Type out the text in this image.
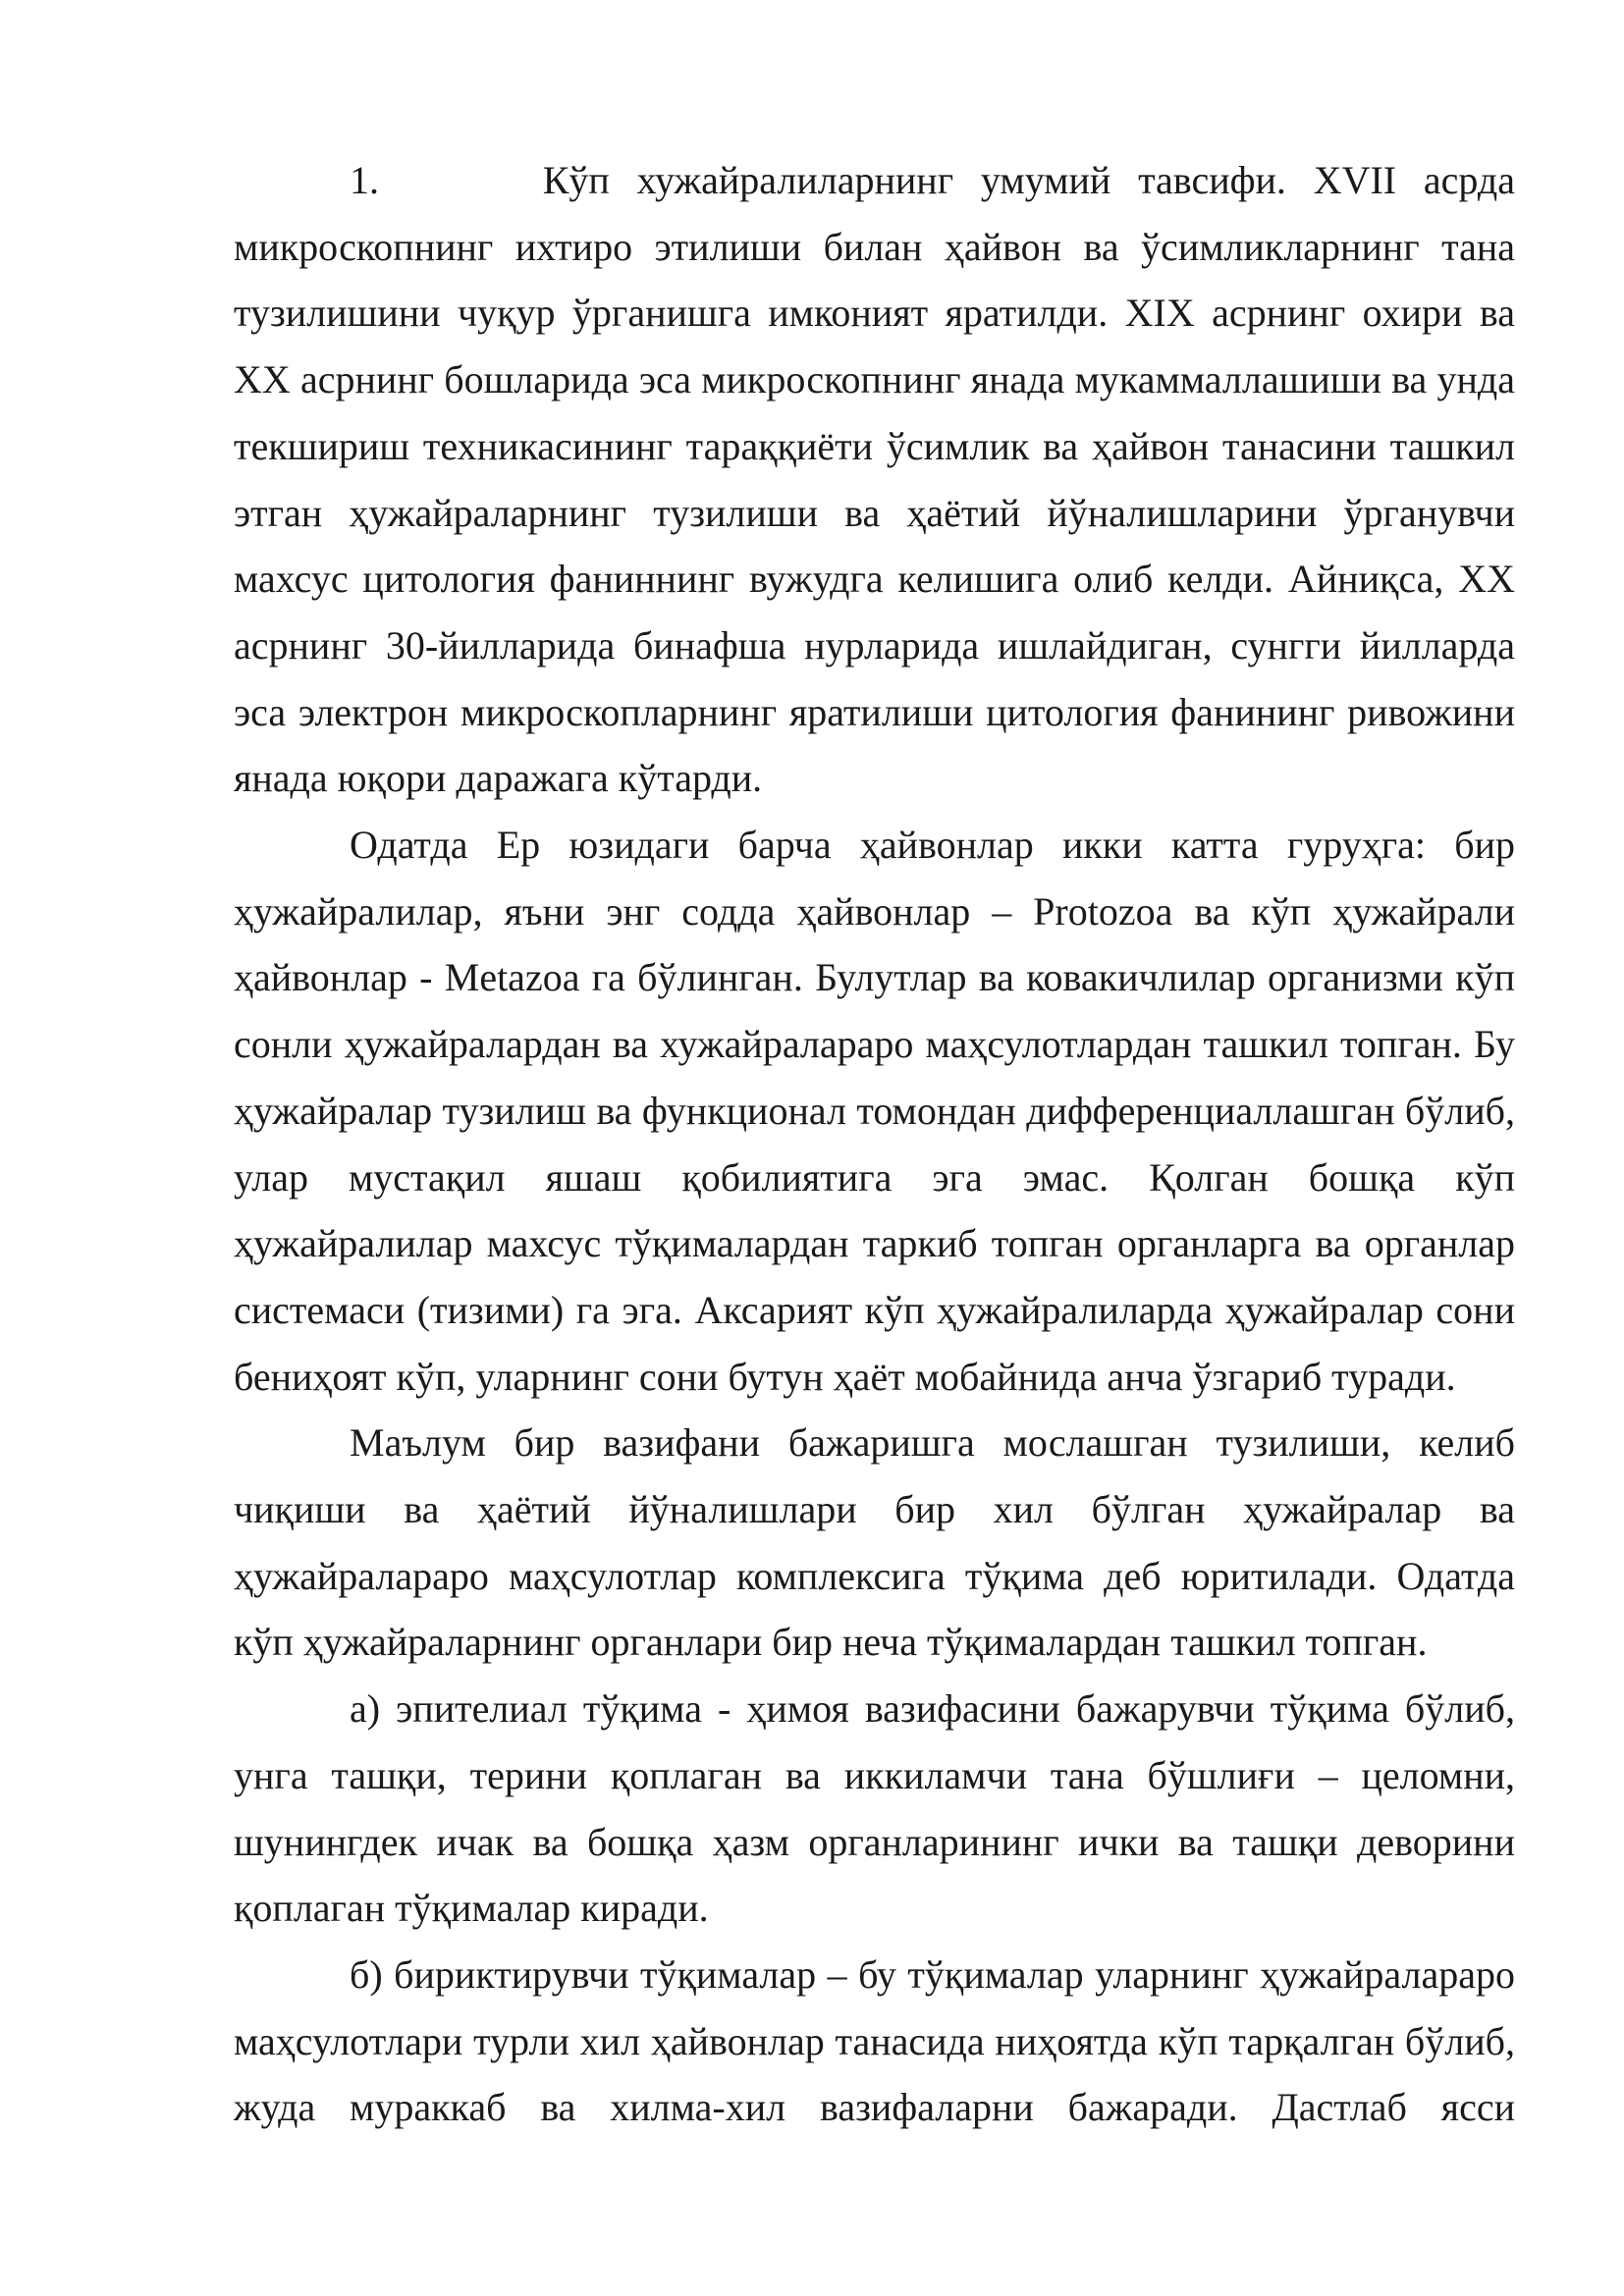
1.      Кўп хужайралиларнинг умумий тавсифи. XVII асрда микроскопнинг ихтиро этилиши билан ҳайвон ва ўсимликларнинг тана тузилишини чуқур ўрганишга имконият яратилди. XIX асрнинг охири ва XX асрнинг бошларида эса микроскопнинг янада мукаммаллашиши ва унда текшириш техникасининг тараққиёти ўсимлик ва ҳайвон танасини ташкил этган ҳужайраларнинг тузилиши ва ҳаётий йўналишларини ўрганувчи махсус цитология фаниннинг вужудга келишига олиб келди. Айниқса, XX асрнинг 30-йилларида бинафша нурларида ишлайдиган, сунгги йилларда эса электрон микроскопларнинг яратилиши цитология фанининг ривожини янада юқори даражага кўтарди.

Одатда Ер юзидаги барча ҳайвонлар икки катта гуруҳга: бир ҳужайралилар, яъни энг содда ҳайвонлар – Protozoa ва кўп ҳужайрали ҳайвонлар - Metazoa га бўлинган. Булутлар ва ковакичлилар организми кўп сонли ҳужайралардан ва хужайралараро маҳсулотлардан ташкил топган. Бу ҳужайралар тузилиш ва функционал томондан дифференциаллашган бўлиб, улар мустақил яшаш қобилиятига эга эмас. Қолган бошқа кўп ҳужайралилар махсус тўқималардан таркиб топган органларга ва органлар системаси (тизими) га эга. Аксарият кўп ҳужайралиларда ҳужайралар сони бениҳоят кўп, уларнинг сони бутун ҳаёт мобайнида анча ўзгариб туради.

Маълум бир вазифани бажаришга мослашган тузилиши, келиб чиқиши ва ҳаётий йўналишлари бир хил бўлган ҳужайралар ва ҳужайралараро маҳсулотлар комплексига тўқима деб юритилади. Одатда кўп ҳужайраларнинг органлари бир неча тўқималардан ташкил топган.

а) эпителиал тўқима - ҳимоя вазифасини бажарувчи тўқима бўлиб, унга ташқи, терини қоплаган ва иккиламчи тана бўшлиғи – целомни, шунингдек ичак ва бошқа ҳазм органларининг ички ва ташқи деворини қоплаган тўқималар киради.

б) бириктирувчи тўқималар – бу тўқималар уларнинг ҳужайралараро маҳсулотлари турли хил ҳайвонлар танасида ниҳоятда кўп тарқалган бўлиб, жуда мураккаб ва хилма-хил вазифаларни бажаради. Дастлаб ясси
